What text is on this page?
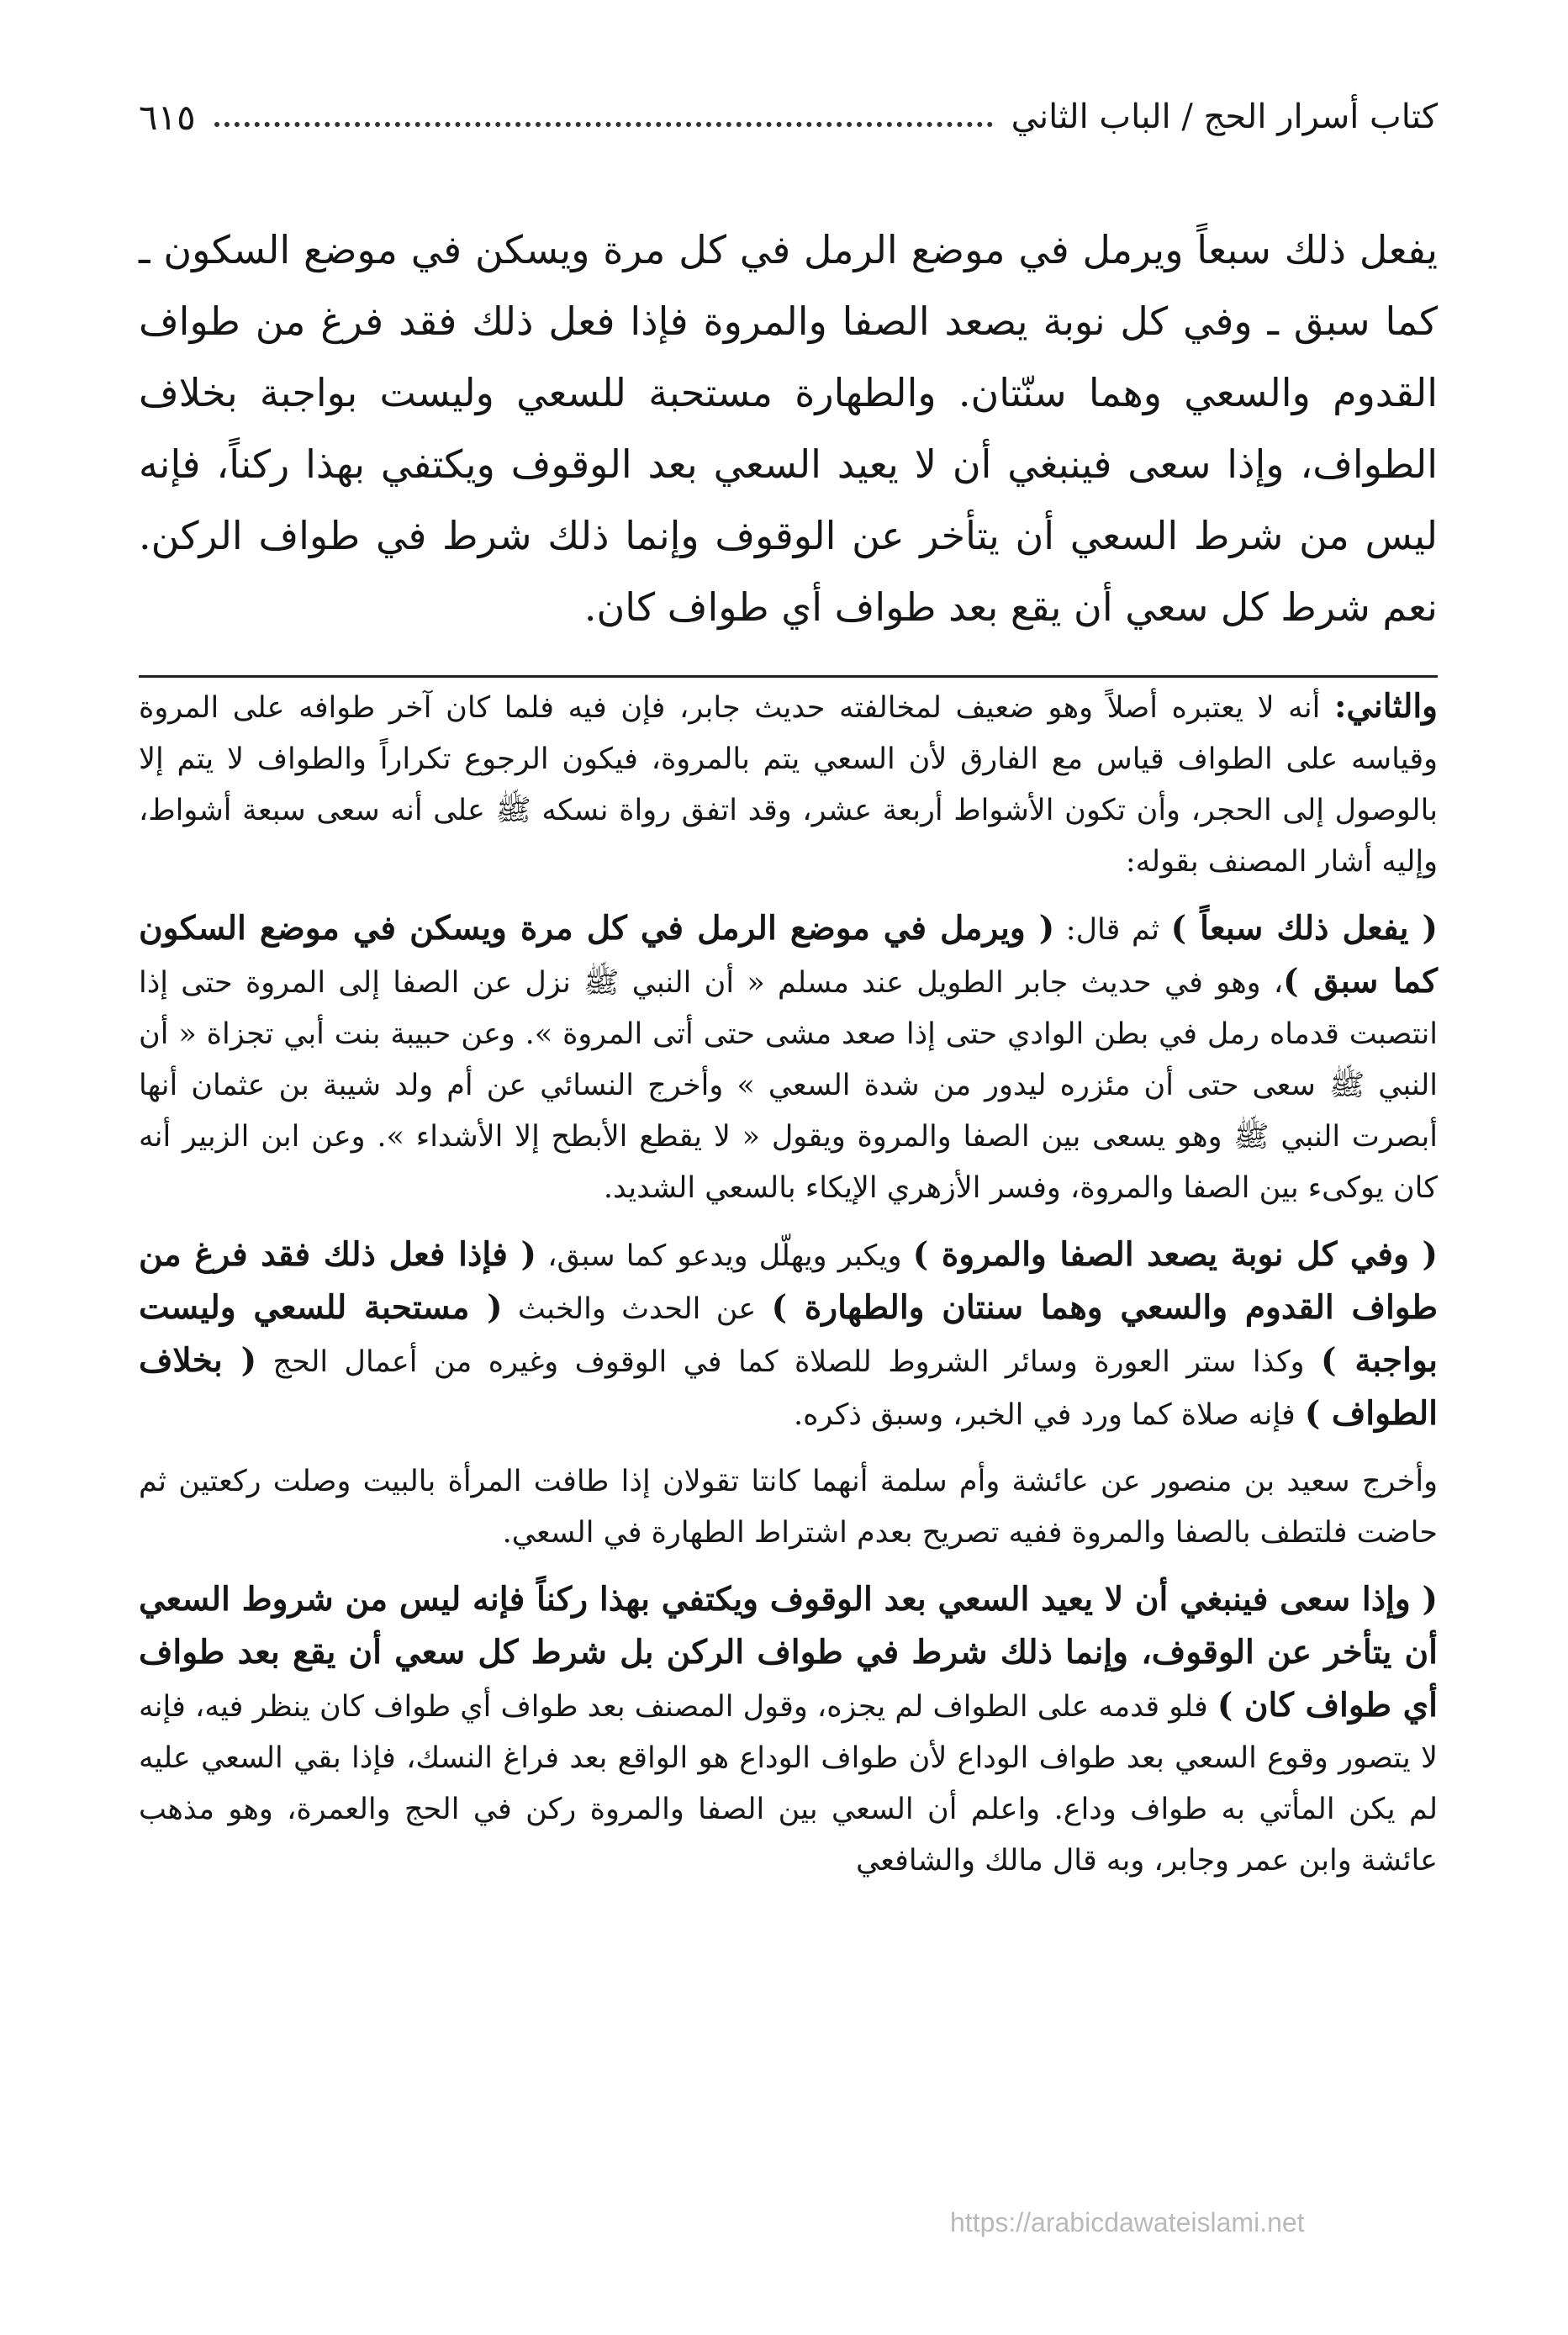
كتاب أسرار الحج / الباب الثاني
٦١٥

يفعل ذلك سبعاً ويرمل في موضع الرمل في كل مرة ويسكن في موضع السكون ـ كما سبق ـ وفي كل نوبة يصعد الصفا والمروة فإذا فعل ذلك فقد فرغ من طواف القدوم والسعي وهما سنّتان. والطهارة مستحبة للسعي وليست بواجبة بخلاف الطواف، وإذا سعى فينبغي أن لا يعيد السعي بعد الوقوف ويكتفي بهذا ركناً، فإنه ليس من شرط السعي أن يتأخر عن الوقوف وإنما ذلك شرط في طواف الركن. نعم شرط كل سعي أن يقع بعد طواف أي طواف كان.

والثاني: أنه لا يعتبره أصلاً وهو ضعيف لمخالفته حديث جابر، فإن فيه فلما كان آخر طوافه على المروة وقياسه على الطواف قياس مع الفارق لأن السعي يتم بالمروة، فيكون الرجوع تكراراً والطواف لا يتم إلا بالوصول إلى الحجر، وأن تكون الأشواط أربعة عشر، وقد اتفق رواة نسكه ﷺ على أنه سعى سبعة أشواط، وإليه أشار المصنف بقوله:

( يفعل ذلك سبعاً ) ثم قال: ( ويرمل في موضع الرمل في كل مرة ويسكن في موضع السكون كما سبق )، وهو في حديث جابر الطويل عند مسلم « أن النبي ﷺ نزل عن الصفا إلى المروة حتى إذا انتصبت قدماه رمل في بطن الوادي حتى إذا صعد مشى حتى أتى المروة ». وعن حبيبة بنت أبي تجزاة « أن النبي ﷺ سعى حتى أن مئزره ليدور من شدة السعي » وأخرج النسائي عن أم ولد شيبة بن عثمان أنها أبصرت النبي ﷺ وهو يسعى بين الصفا والمروة ويقول « لا يقطع الأبطح إلا الأشداء ». وعن ابن الزبير أنه كان يوكىء بين الصفا والمروة، وفسر الأزهري الإيكاء بالسعي الشديد.

( وفي كل نوبة يصعد الصفا والمروة ) ويكبر ويهلّل ويدعو كما سبق، ( فإذا فعل ذلك فقد فرغ من طواف القدوم والسعي وهما سنتان والطهارة ) عن الحدث والخبث ( مستحبة للسعي وليست بواجبة ) وكذا ستر العورة وسائر الشروط للصلاة كما في الوقوف وغيره من أعمال الحج ( بخلاف الطواف ) فإنه صلاة كما ورد في الخبر، وسبق ذكره.

وأخرج سعيد بن منصور عن عائشة وأم سلمة أنهما كانتا تقولان إذا طافت المرأة بالبيت وصلت ركعتين ثم حاضت فلتطف بالصفا والمروة ففيه تصريح بعدم اشتراط الطهارة في السعي.

( وإذا سعى فينبغي أن لا يعيد السعي بعد الوقوف ويكتفي بهذا ركناً فإنه ليس من شروط السعي أن يتأخر عن الوقوف، وإنما ذلك شرط في طواف الركن بل شرط كل سعي أن يقع بعد طواف أي طواف كان ) فلو قدمه على الطواف لم يجزه، وقول المصنف بعد طواف أي طواف كان ينظر فيه، فإنه لا يتصور وقوع السعي بعد طواف الوداع لأن طواف الوداع هو الواقع بعد فراغ النسك، فإذا بقي السعي عليه لم يكن المأتي به طواف وداع. واعلم أن السعي بين الصفا والمروة ركن في الحج والعمرة، وهو مذهب عائشة وابن عمر وجابر، وبه قال مالك والشافعي

https://arabicdawateislami.net
